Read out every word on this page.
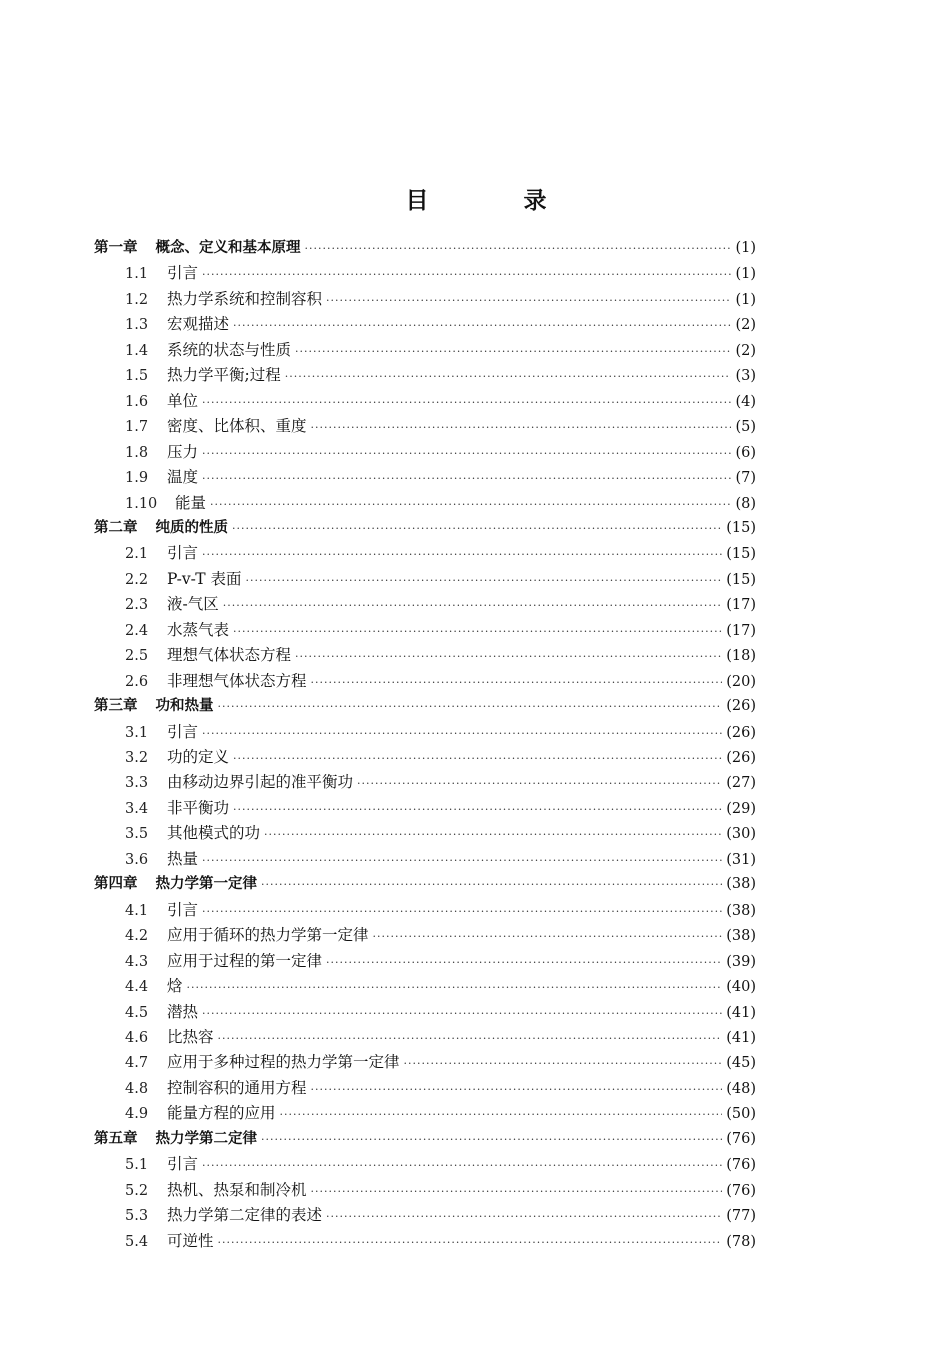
目　录
第一章 概念、定义和基本原理 ·····	(1)
1.1	引言 ·····	(1)
1.2	热力学系统和控制容积 ·····	(1)
1.3	宏观描述 ·····	(2)
1.4	系统的状态与性质 ·····	(2)
1.5	热力学平衡;过程 ·····	(3)
1.6	单位 ·····	(4)
1.7	密度、比体积、重度 ·····	(5)
1.8	压力 ·····	(6)
1.9	温度 ·····	(7)
1.10	能量 ·····	(8)
第二章 纯质的性质 ·····	(15)
2.1	引言 ·····	(15)
2.2	P-v-T 表面 ·····	(15)
2.3	液-气区 ·····	(17)
2.4	水蒸气表 ·····	(17)
2.5	理想气体状态方程 ·····	(18)
2.6	非理想气体状态方程 ·····	(20)
第三章 功和热量 ·····	(26)
3.1	引言 ·····	(26)
3.2	功的定义 ·····	(26)
3.3	由移动边界引起的准平衡功 ·····	(27)
3.4	非平衡功 ·····	(29)
3.5	其他模式的功 ·····	(30)
3.6	热量 ·····	(31)
第四章 热力学第一定律 ·····	(38)
4.1	引言 ·····	(38)
4.2	应用于循环的热力学第一定律 ·····	(38)
4.3	应用于过程的第一定律 ·····	(39)
4.4	焓 ·····	(40)
4.5	潜热 ·····	(41)
4.6	比热容 ·····	(41)
4.7	应用于多种过程的热力学第一定律 ·····	(45)
4.8	控制容积的通用方程 ·····	(48)
4.9	能量方程的应用 ·····	(50)
第五章 热力学第二定律 ·····	(76)
5.1	引言 ·····	(76)
5.2	热机、热泵和制冷机 ·····	(76)
5.3	热力学第二定律的表述 ·····	(77)
5.4	可逆性 ·····	(78)
